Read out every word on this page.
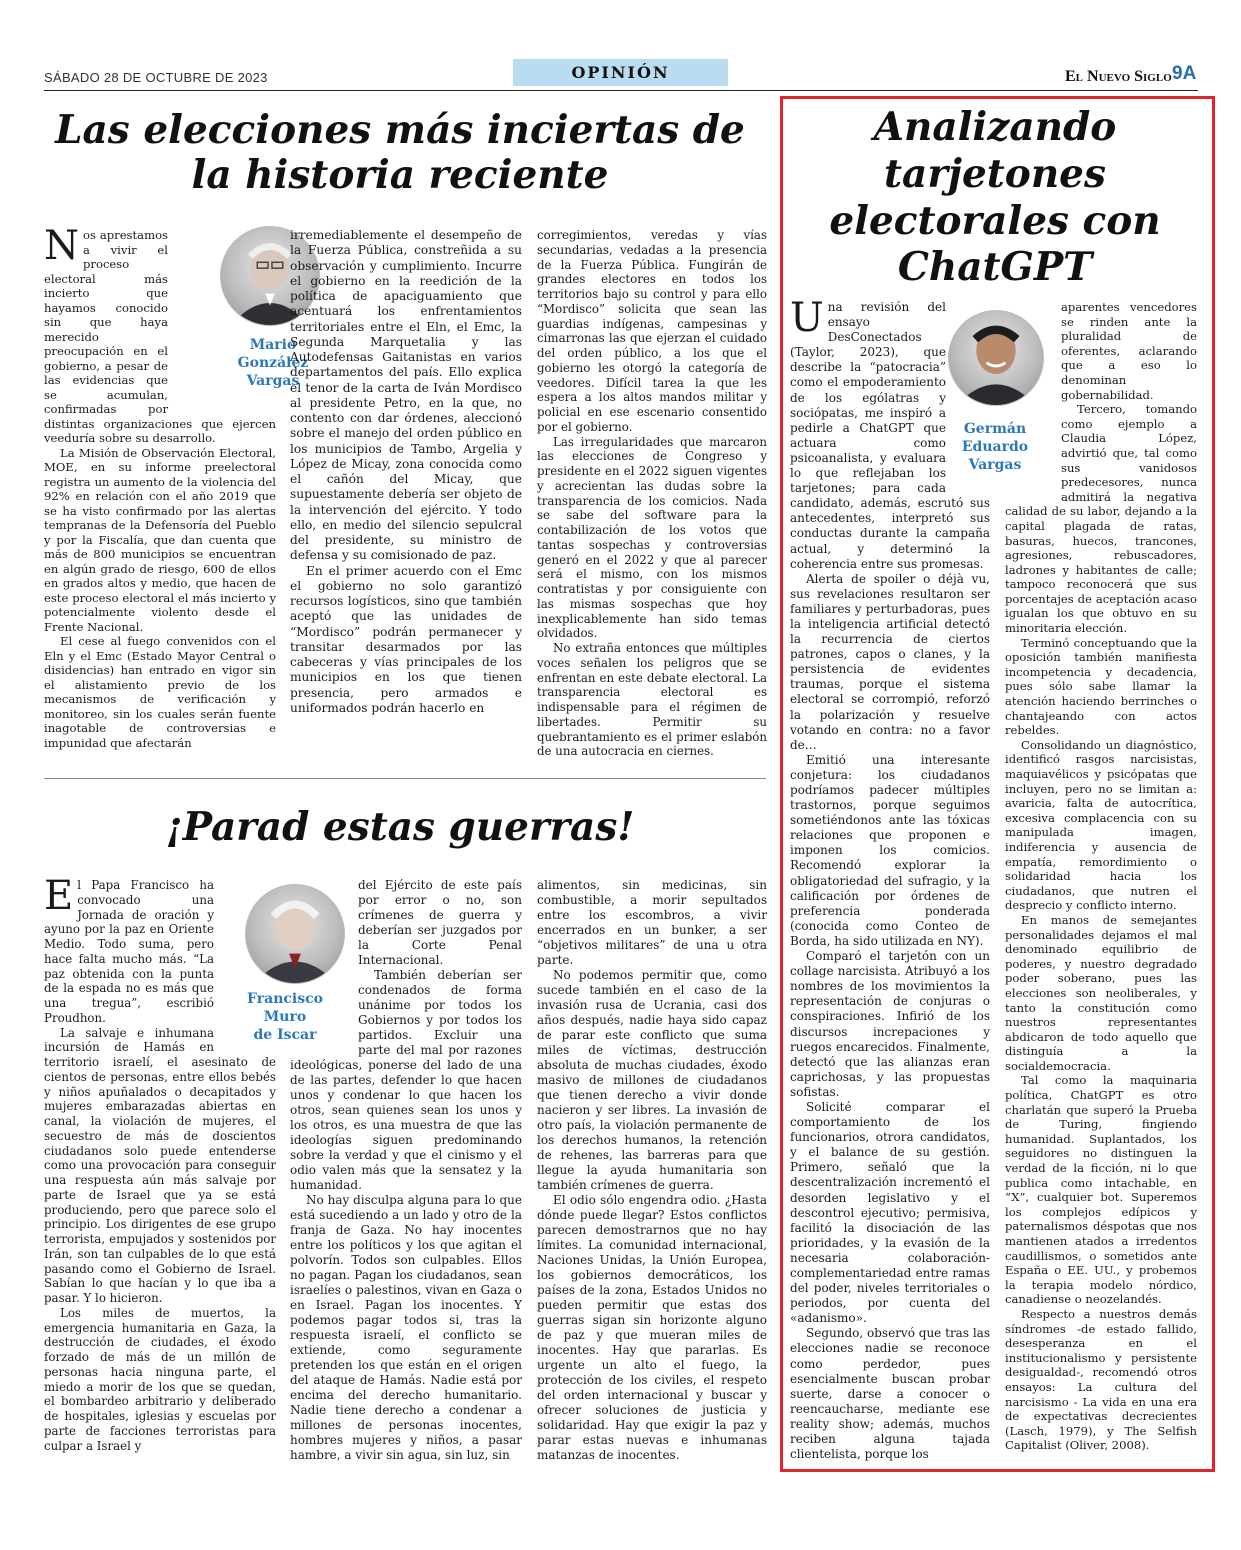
SÁBADO 28 DE OCTUBRE DE 2023	OPINIÓN	El Nuevo Siglo 9A
Las elecciones más inciertas de la historia reciente

Nos aprestamos a vivir el proceso electoral más incierto que hayamos conocido sin que haya merecido preocupación en el gobierno, a pesar de las evidencias que se acumulan, confirmadas por distintas organizaciones que ejercen veeduría sobre su desarrollo.

La Misión de Observación Electoral, MOE, en su informe preelectoral registra un aumento de la violencia del 92% en relación con el año 2019 que se ha visto confirmado por las alertas tempranas de la Defensoría del Pueblo y por la Fiscalía, que dan cuenta que más de 800 municipios se encuentran en algún grado de riesgo, 600 de ellos en grados altos y medio, que hacen de este proceso electoral el más incierto y potencialmente violento desde el Frente Nacional.

El cese al fuego convenidos con el Eln y el Emc (Estado Mayor Central o disidencias) han entrado en vigor sin el alistamiento previo de los mecanismos de verificación y monitoreo, sin los cuales serán fuente inagotable de controversias e impunidad que afectarán

Mario
González
Vargas

irremediablemente el desempeño de la Fuerza Pública, constreñida a su observación y cumplimiento. Incurre el gobierno en la reedición de la política de apaciguamiento que acentuará los enfrentamientos territoriales entre el Eln, el Emc, la Segunda Marquetalia y las Autodefensas Gaitanistas en varios departamentos del país. Ello explica el tenor de la carta de Iván Mordisco al presidente Petro, en la que, no contento con dar órdenes, aleccionó sobre el manejo del orden público en los municipios de Tambo, Argelia y López de Micay, zona conocida como el cañón del Micay, que supuestamente debería ser objeto de la intervención del ejército. Y todo ello, en medio del silencio sepulcral del presidente, su ministro de defensa y su comisionado de paz.

En el primer acuerdo con el Emc el gobierno no solo garantizó recursos logísticos, sino que también aceptó que las unidades de “Mordisco” podrán permanecer y transitar desarmados por las cabeceras y vías principales de los municipios en los que tienen presencia, pero armados e uniformados podrán hacerlo en

corregimientos, veredas y vías secundarias, vedadas a la presencia de la Fuerza Pública. Fungirán de grandes electores en todos los territorios bajo su control y para ello “Mordisco” solicita que sean las guardias indígenas, campesinas y cimarronas las que ejerzan el cuidado del orden público, a los que el gobierno les otorgó la categoría de veedores. Difícil tarea la que les espera a los altos mandos militar y policial en ese escenario consentido por el gobierno.

Las irregularidades que marcaron las elecciones de Congreso y presidente en el 2022 siguen vigentes y acrecientan las dudas sobre la transparencia de los comicios. Nada se sabe del software para la contabilización de los votos que tantas sospechas y controversias generó en el 2022 y que al parecer será el mismo, con los mismos contratistas y por consiguiente con las mismas sospechas que hoy inexplicablemente han sido temas olvidados.

No extraña entonces que múltiples voces señalen los peligros que se enfrentan en este debate electoral. La transparencia electoral es indispensable para el régimen de libertades. Permitir su quebrantamiento es el primer eslabón de una autocracia en ciernes.

¡Parad estas guerras!

El Papa Francisco ha convocado una Jornada de oración y ayuno por la paz en Oriente Medio. Todo suma, pero hace falta mucho más. “La paz obtenida con la punta de la espada no es más que una tregua”, escribió Proudhon.

La salvaje e inhumana incursión de Hamás en territorio israelí, el asesinato de cientos de personas, entre ellos bebés y niños apuñalados o decapitados y mujeres embarazadas abiertas en canal, la violación de mujeres, el secuestro de más de doscientos ciudadanos solo puede entenderse como una provocación para conseguir una respuesta aún más salvaje por parte de Israel que ya se está produciendo, pero que parece solo el principio. Los dirigentes de ese grupo terrorista, empujados y sostenidos por Irán, son tan culpables de lo que está pasando como el Gobierno de Israel. Sabían lo que hacían y lo que iba a pasar. Y lo hicieron.

Los miles de muertos, la emergencia humanitaria en Gaza, la destrucción de ciudades, el éxodo forzado de más de un millón de personas hacia ninguna parte, el miedo a morir de los que se quedan, el bombardeo arbitrario y deliberado de hospitales, iglesias y escuelas por parte de facciones terroristas para culpar a Israel y

Francisco
Muro
de Iscar

del Ejército de este país por error o no, son crímenes de guerra y deberían ser juzgados por la Corte Penal Internacional.

También deberían ser condenados de forma unánime por todos los Gobiernos y por todos los partidos. Excluir una parte del mal por razones ideológicas, ponerse del lado de una de las partes, defender lo que hacen unos y condenar lo que hacen los otros, sean quienes sean los unos y los otros, es una muestra de que las ideologías siguen predominando sobre la verdad y que el cinismo y el odio valen más que la sensatez y la humanidad.

No hay disculpa alguna para lo que está sucediendo a un lado y otro de la franja de Gaza. No hay inocentes entre los políticos y los que agitan el polvorín. Todos son culpables. Ellos no pagan. Pagan los ciudadanos, sean israelíes o palestinos, vivan en Gaza o en Israel. Pagan los inocentes. Y podemos pagar todos si, tras la respuesta israelí, el conflicto se extiende, como seguramente pretenden los que están en el origen del ataque de Hamás. Nadie está por encima del derecho humanitario. Nadie tiene derecho a condenar a millones de personas inocentes, hombres mujeres y niños, a pasar hambre, a vivir sin agua, sin luz, sin

alimentos, sin medicinas, sin combustible, a morir sepultados entre los escombros, a vivir encerrados en un bunker, a ser “objetivos militares” de una u otra parte.

No podemos permitir que, como sucede también en el caso de la invasión rusa de Ucrania, casi dos años después, nadie haya sido capaz de parar este conflicto que suma miles de víctimas, destrucción absoluta de muchas ciudades, éxodo masivo de millones de ciudadanos que tienen derecho a vivir donde nacieron y ser libres. La invasión de otro país, la violación permanente de los derechos humanos, la retención de rehenes, las barreras para que llegue la ayuda humanitaria son también crímenes de guerra.

El odio sólo engendra odio. ¿Hasta dónde puede llegar? Estos conflictos parecen demostrarnos que no hay límites. La comunidad internacional, Naciones Unidas, la Unión Europea, los gobiernos democráticos, los países de la zona, Estados Unidos no pueden permitir que estas dos guerras sigan sin horizonte alguno de paz y que mueran miles de inocentes. Hay que pararlas. Es urgente un alto el fuego, la protección de los civiles, el respeto del orden internacional y buscar y ofrecer soluciones de justicia y solidaridad. Hay que exigir la paz y parar estas nuevas e inhumanas matanzas de inocentes.

Analizando tarjetones electorales con ChatGPT

Una revisión del ensayo DesConectados (Taylor, 2023), que describe la “patocracia” como el empoderamiento de los ególatras y sociópatas, me inspiró a pedirle a ChatGPT que actuara como psicoanalista, y evaluara lo que reflejaban los tarjetones; para cada candidato, además, escrutó sus antecedentes, interpretó sus conductas durante la campaña actual, y determinó la coherencia entre sus promesas.

Alerta de spoiler o déjà vu, sus revelaciones resultaron ser familiares y perturbadoras, pues la inteligencia artificial detectó la recurrencia de ciertos patrones, capos o clanes, y la persistencia de evidentes traumas, porque el sistema electoral se corrompió, reforzó la polarización y resuelve votando en contra: no a favor de…

Emitió una interesante conjetura: los ciudadanos podríamos padecer múltiples trastornos, porque seguimos sometiéndonos ante las tóxicas relaciones que proponen e imponen los comicios. Recomendó explorar la obligatoriedad del sufragio, y la calificación por órdenes de preferencia ponderada (conocida como Conteo de Borda, ha sido utilizada en NY).

Comparó el tarjetón con un collage narcisista. Atribuyó a los nombres de los movimientos la representación de conjuras o conspiraciones. Infirió de los discursos increpaciones y ruegos encarecidos. Finalmente, detectó que las alianzas eran caprichosas, y las propuestas sofistas.

Solicité comparar el comportamiento de los funcionarios, otrora candidatos, y el balance de su gestión. Primero, señaló que la descentralización incrementó el desorden legislativo y el descontrol ejecutivo; permisiva, facilitó la disociación de las prioridades, y la evasión de la necesaria colaboración-complementariedad entre ramas del poder, niveles territoriales o periodos, por cuenta del «adanismo».

Segundo, observó que tras las elecciones nadie se reconoce como perdedor, pues esencialmente buscan probar suerte, darse a conocer o reencaucharse, mediante ese reality show; además, muchos reciben alguna tajada clientelista, porque los

Germán
Eduardo
Vargas

aparentes vencedores se rinden ante la pluralidad de oferentes, aclarando que a eso lo denominan gobernabilidad.

Tercero, tomando como ejemplo a Claudia López, advirtió que, tal como sus vanidosos predecesores, nunca admitirá la negativa calidad de su labor, dejando a la capital plagada de ratas, basuras, huecos, trancones, agresiones, rebuscadores, ladrones y habitantes de calle; tampoco reconocerá que sus porcentajes de aceptación acaso igualan los que obtuvo en su minoritaria elección.

Terminó conceptuando que la oposición también manifiesta incompetencia y decadencia, pues sólo sabe llamar la atención haciendo berrinches o chantajeando con actos rebeldes.

Consolidando un diagnóstico, identificó rasgos narcisistas, maquiavélicos y psicópatas que incluyen, pero no se limitan a: avaricia, falta de autocrítica, excesiva complacencia con su manipulada imagen, indiferencia y ausencia de empatía, remordimiento o solidaridad hacia los ciudadanos, que nutren el desprecio y conflicto interno.

En manos de semejantes personalidades dejamos el mal denominado equilibrio de poderes, y nuestro degradado poder soberano, pues las elecciones son neoliberales, y tanto la constitución como nuestros representantes abdicaron de todo aquello que distinguía a la socialdemocracia.

Tal como la maquinaria política, ChatGPT es otro charlatán que superó la Prueba de Turing, fingiendo humanidad. Suplantados, los seguidores no distinguen la verdad de la ficción, ni lo que publica como intachable, en “X”, cualquier bot. Superemos los complejos edípicos y paternalismos déspotas que nos mantienen atados a irredentos caudillismos, o sometidos ante España o EE. UU., y probemos la terapia modelo nórdico, canadiense o neozelandés.

Respecto a nuestros demás síndromes -de estado fallido, desesperanza en el institucionalismo y persistente desigualdad-, recomendó otros ensayos: La cultura del narcisismo - La vida en una era de expectativas decrecientes (Lasch, 1979), y The Selfish Capitalist (Oliver, 2008).
